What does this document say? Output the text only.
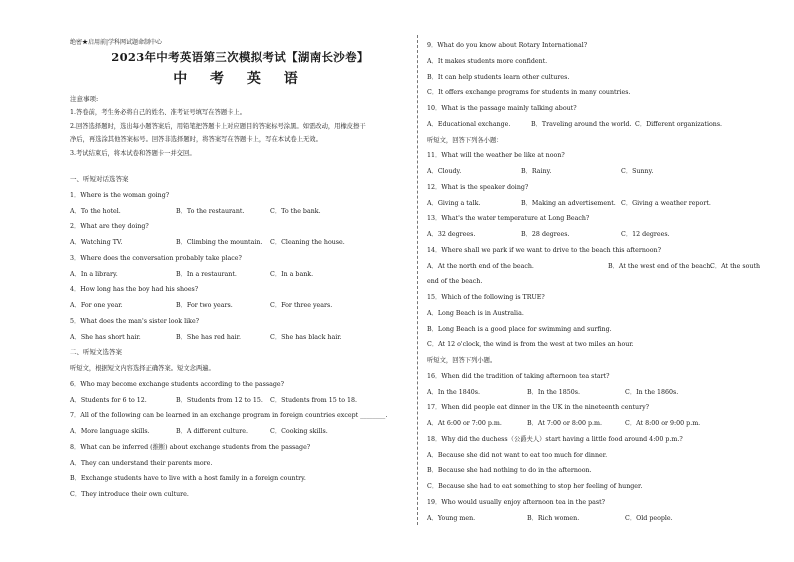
绝密★启用前|学科网试题命制中心
2023年中考英语第三次模拟考试【湖南长沙卷】
中 考 英 语
注意事项:
1.答卷前，考生务必将自己的姓名、准考证号填写在答题卡上。
2.回答选择题时，选出每小题答案后，用铅笔把答题卡上对应题目的答案标号涂黑。如需改动，用橡皮擦干
净后，再选涂其他答案标号。回答非选择题时，将答案写在答题卡上，写在本试卷上无效。
3.考试结束后，将本试卷和答题卡一并交回。
一、听短对话选答案
1．Where is the woman going?
A．To the hotel.	B．To the restaurant.	C．To the bank.
2．What are they doing?
A．Watching TV.	B．Climbing the mountain. C．Cleaning the house.
3．Where does the conversation probably take place?
A．In a library.	B．In a restaurant.	C．In a bank.
4．How long has the boy had his shoes?
A．For one year.	B．For two years.	C．For three years.
5．What does the man's sister look like?
A．She has short hair.	B．She has red hair.	C．She has black hair.
二、听短文选答案
听短文，根据短文内容选择正确答案。短文念两遍。
6．Who may become exchange students according to the passage?
A．Students for 6 to 12.	B．Students from 12 to 15. C．Students from 15 to 18.
7．All of the following can be learned in an exchange program in foreign countries except ________.
A．More language skills.	B．A different culture.	C．Cooking skills.
8．What can be inferred (推断) about exchange students from the passage?
A．They can understand their parents more.
B．Exchange students have to live with a host family in a foreign country.
C．They introduce their own culture.
9．What do you know about Rotary International?
A．It makes students more confident.
B．It can help students learn other cultures.
C．It offers exchange programs for students in many countries.
10．What is the passage mainly talking about?
A．Educational exchange.	B．Traveling around the world. C．Different organizations.
听短文，回答下列各小题：
11．What will the weather be like at noon?
A．Cloudy.	B．Rainy.	C．Sunny.
12．What is the speaker doing?
A．Giving a talk.	B．Making an advertisement. C．Giving a weather report.
13．What's the water temperature at Long Beach?
A．32 degrees.	B．28 degrees.	C．12 degrees.
14．Where shall we park if we want to drive to the beach this afternoon?
A．At the north end of the beach.	B．At the west end of the beach.
C．At the south
end of the beach.
15．Which of the following is TRUE?
A．Long Beach is in Australia.
B．Long Beach is a good place for swimming and surfing.
C．At 12 o'clock, the wind is from the west at two miles an hour.
听短文，回答下列小题。
16．When did the tradition of taking afternoon tea start?
A．In the 1840s.	B．In the 1850s.	C．In the 1860s.
17．When did people eat dinner in the UK in the nineteenth century?
A．At 6:00 or 7:00 p.m.	B．At 7:00 or 8:00 p.m.	C．At 8:00 or 9:00 p.m.
18．Why did the duchess（公爵夫人）start having a little food around 4:00 p.m.?
A．Because she did not want to eat too much for dinner.
B．Because she had nothing to do in the afternoon.
C．Because she had to eat something to stop her feeling of hunger.
19．Who would usually enjoy afternoon tea in the past?
A．Young men.	B．Rich women.	C．Old people.
